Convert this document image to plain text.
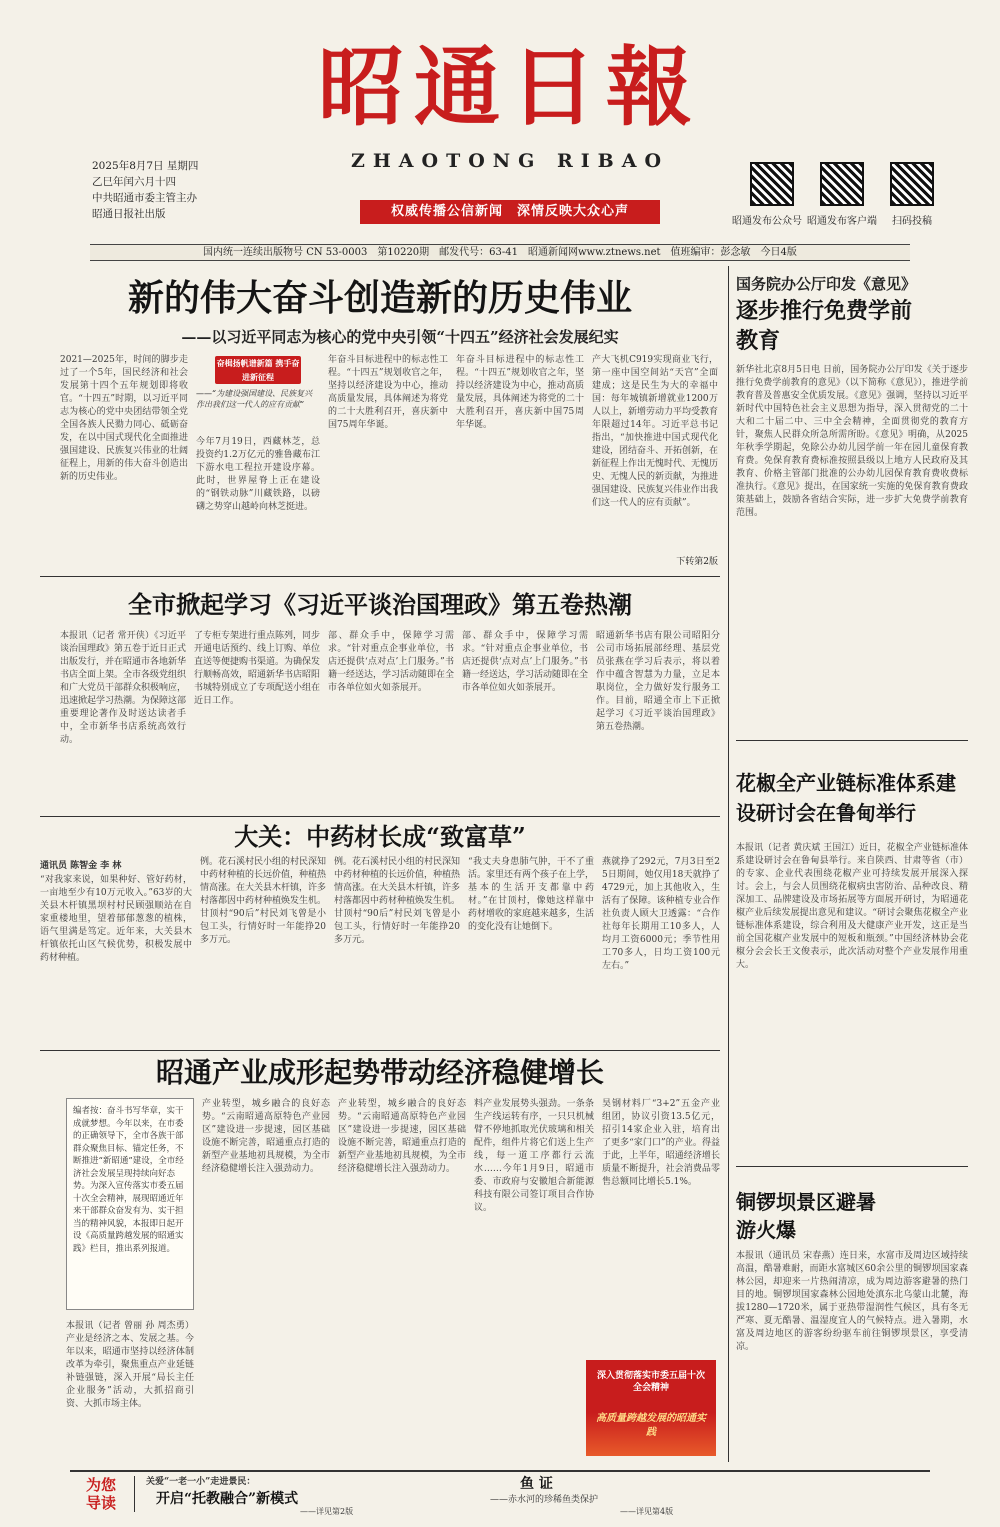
昭通日報
ZHAOTONG RIBAO
2025年8月7日 星期四
乙巳年闰六月十四
中共昭通市委主管主办
昭通日报社出版	权威传播公信新闻　深情反映大众心声
昭通发布公众号 昭通发布客户端	扫码投稿
国内统一连续出版物号 CN 53-0003　第10220期　邮发代号：63-41　昭通新闻网www.ztnews.net　值班编审：彭念敏　今日4版
新的伟大奋斗创造新的历史伟业
——以习近平同志为核心的党中央引领“十四五”经济社会发展纪实
2021—2025年，时间的脚步走过了一个5年，国民经济和社会发展第十四个五年规划即将收官。“十四五”时期，以习近平同志为核心的党中央团结带领全党全国各族人民勠力同心、砥砺奋发，在以中国式现代化全面推进强国建设、民族复兴伟业的壮阔征程上，用新的伟大奋斗创造出新的历史伟业。
奋楫扬帆谱新篇 携手奋进新征程
——“为建设强国建设、民族复兴作出我们这一代人的应有贡献”
今年7月19日，西藏林芝，总投资约1.2万亿元的雅鲁藏布江下游水电工程拉开建设序幕。此时，世界屋脊上正在建设的“钢铁动脉”川藏铁路，以磅礴之势穿山越岭向林芝挺进。
年奋斗目标进程中的标志性工程。“十四五”规划收官之年，坚持以经济建设为中心，推动高质量发展，具体阐述为将党的二十大胜利召开，喜庆新中国75周年华诞。
年奋斗目标进程中的标志性工程。“十四五”规划收官之年，坚持以经济建设为中心，推动高质量发展，具体阐述为将党的二十大胜利召开，喜庆新中国75周年华诞。
产大飞机C919实现商业飞行，第一座中国空间站“天宫”全面建成；这是民生为大的幸福中国：每年城镇新增就业1200万人以上，新增劳动力平均受教育年限超过14年。习近平总书记指出，“加快推进中国式现代化建设，团结奋斗、开拓创新，在新征程上作出无愧时代、无愧历史、无愧人民的新贡献，为推进强国建设、民族复兴伟业作出我们这一代人的应有贡献”。
下转第2版
全市掀起学习《习近平谈治国理政》第五卷热潮
本报讯（记者 常开侠）《习近平谈治国理政》第五卷于近日正式出版发行，并在昭通市各地新华书店全面上架。全市各级党组织和广大党员干部群众积极响应，迅速掀起学习热潮。为保障这部重要理论著作及时送达读者手中，全市新华书店系统高效行动。
了专柜专架进行重点陈列，同步开通电话预约、线上订购、单位直送等便捷购书渠道。为确保发行顺畅高效，昭通新华书店昭阳书城特别成立了专项配送小组在近日工作。
部、群众手中，保障学习需求。“针对重点企事业单位，书店还提供‘点对点’上门服务。”书籍一经送达，学习活动随即在全市各单位如火如荼展开。
部、群众手中，保障学习需求。“针对重点企事业单位，书店还提供‘点对点’上门服务。”书籍一经送达，学习活动随即在全市各单位如火如荼展开。
昭通新华书店有限公司昭阳分公司市场拓展部经理、基层党员张燕在学习后表示，将以着作中蕴含智慧为力量，立足本职岗位，全力做好发行服务工作。目前，昭通全市上下正掀起学习《习近平谈治国理政》第五卷热潮。
大关：中药材长成“致富草”
通讯员 陈智金 李 林
“对我家来说，如果种好、管好药材，一亩地至少有10万元收入。”63岁的大关县木杆镇黑坝村村民顾强顺站在自家重楼地里，望着郁郁葱葱的植株，语气里满是笃定。近年来，大关县木杆镇依托山区气候优势，积极发展中药材种植。
例。花石溪村民小组的村民深知中药材种植的长远价值，种植热情高涨。在大关县木杆镇，许多村落都因中药材种植焕发生机。甘顶村“90后”村民刘飞曾是小包工头，行情好时一年能挣20多万元。
例。花石溪村民小组的村民深知中药材种植的长远价值，种植热情高涨。在大关县木杆镇，许多村落都因中药材种植焕发生机。甘顶村“90后”村民刘飞曾是小包工头，行情好时一年能挣20多万元。
“我丈夫身患肺气肿，干不了重活。家里还有两个孩子在上学，基本的生活开支都靠中药材。”在甘顶村，像她这样靠中药材增收的家庭越来越多，生活的变化没有让她倒下。
燕就挣了292元，7月3日至25日期间，她仅用18天就挣了4729元，加上其他收入，生活有了保障。该种植专业合作社负责人顾大卫透露：“合作社每年长期用工10多人，人均月工资6000元；季节性用工70多人，日均工资100元左右。”
昭通产业成形起势带动经济稳健增长
编者按：奋斗书写华章，实干成就梦想。今年以来，在市委的正确领导下，全市各族干部群众聚焦目标、锚定任务，不断推进“新昭通”建设，全市经济社会发展呈现持续向好态势。为深入宣传落实市委五届十次全会精神，展现昭通近年来干部群众奋发有为、实干担当的精神风貌，本报即日起开设《高质量跨越发展的昭通实践》栏目，推出系列报道。
本报讯（记者 曾丽 孙 周杰勇）产业是经济之本、发展之基。今年以来，昭通市坚持以经济体制改革为牵引，聚焦重点产业延链补链强链，深入开展“局长主任企业服务”活动，大抓招商引资、大抓市场主体。
产业转型，城乡融合的良好态势。“云南昭通高原特色产业园区”建设进一步提速，园区基础设施不断完善，昭通重点打造的新型产业基地初具规模，为全市经济稳健增长注入强劲动力。
产业转型，城乡融合的良好态势。“云南昭通高原特色产业园区”建设进一步提速，园区基础设施不断完善，昭通重点打造的新型产业基地初具规模，为全市经济稳健增长注入强劲动力。
料产业发展势头强劲。一条条生产线运转有序，一只只机械臂不停地抓取光伏玻璃和相关配件，组件片将它们送上生产线，每一道工序都行云流水……今年1月9日，昭通市委、市政府与安徽旭合新能源科技有限公司签订项目合作协议。
昊钢材料厂“3+2”五金产业组团，协议引资13.5亿元，招引14家企业入驻，培育出了更多“家门口”的产业。得益于此，上半年，昭通经济增长质量不断提升，社会消费品零售总额同比增长5.1%。
深入贯彻落实市委五届十次全会精神
高质量跨越发展的昭通实践
国务院办公厅印发《意见》
逐步推行免费学前教育
新华社北京8月5日电 日前，国务院办公厅印发《关于逐步推行免费学前教育的意见》（以下简称《意见》），推进学前教育普及普惠安全优质发展。《意见》强调，坚持以习近平新时代中国特色社会主义思想为指导，深入贯彻党的二十大和二十届二中、三中全会精神，全面贯彻党的教育方针，聚焦人民群众所急所需所盼。《意见》明确，从2025年秋季学期起，免除公办幼儿园学前一年在园儿童保育教育费。免保育教育费标准按照县级以上地方人民政府及其教育、价格主管部门批准的公办幼儿园保育教育费收费标准执行。《意见》提出，在国家统一实施的免保育教育费政策基础上，鼓励各省结合实际，进一步扩大免费学前教育范围。
花椒全产业链标准体系建设研讨会在鲁甸举行
本报讯（记者 黄庆斌 王国江）近日，花椒全产业链标准体系建设研讨会在鲁甸县举行。来自陕西、甘肃等省（市）的专家、企业代表围绕花椒产业可持续发展开展深入探讨。会上，与会人员围绕花椒病虫害防治、品种改良、精深加工、品牌建设及市场拓展等方面展开研讨，为昭通花椒产业后续发展提出意见和建议。“研讨会聚焦花椒全产业链标准体系建设，综合利用及大健康产业开发，这正是当前全国花椒产业发展中的短板和瓶颈。”中国经济林协会花椒分会会长王文俊表示，此次活动对整个产业发展作用重大。
铜锣坝景区避暑游火爆
本报讯（通讯员 宋春燕）连日来，水富市及周边区域持续高温，酷暑难耐，而距水富城区60余公里的铜锣坝国家森林公园，却迎来一片热闹清凉，成为周边游客避暑的热门目的地。铜锣坝国家森林公园地处滇东北乌蒙山北麓，海拔1280—1720米，属于亚热带湿润性气候区，具有冬无严寒、夏无酷暑、温湿度宜人的气候特点。进入暑期，水富及周边地区的游客纷纷驱车前往铜锣坝景区，享受清凉。
为您
导读
关爱“一老一小”走进景民：
开启“托教融合”新模式
——详见第2版
鱼 证
——赤水河的珍稀鱼类保护
——详见第4版
